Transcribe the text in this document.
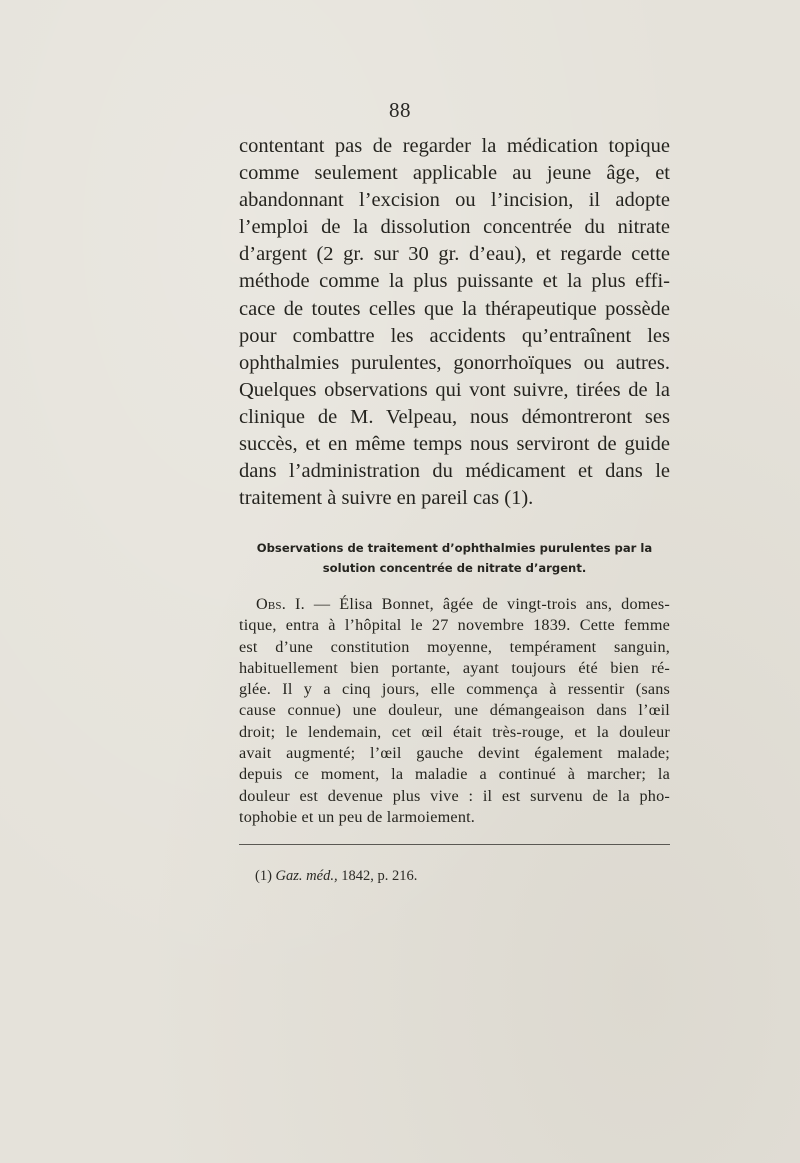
88
contentant pas de regarder la médication topique
comme seulement applicable au jeune âge, et
abandonnant l’excision ou l’incision, il adopte
l’emploi de la dissolution concentrée du nitrate
d’argent (2 gr. sur 30 gr. d’eau), et regarde cette
méthode comme la plus puissante et la plus effi-
cace de toutes celles que la thérapeutique possède
pour combattre les accidents qu’entraînent les
ophthalmies purulentes, gonorrhoïques ou autres.
Quelques observations qui vont suivre, tirées de la
clinique de M. Velpeau, nous démontreront ses
succès, et en même temps nous serviront de guide
dans l’administration du médicament et dans le
traitement à suivre en pareil cas (1).
Observations de traitement d’ophthalmies purulentes par la
solution concentrée de nitrate d’argent.
Obs. I. — Élisa Bonnet, âgée de vingt-trois ans, domes-
tique, entra à l’hôpital le 27 novembre 1839. Cette femme
est d’une constitution moyenne, tempérament sanguin,
habituellement bien portante, ayant toujours été bien ré-
glée. Il y a cinq jours, elle commença à ressentir (sans
cause connue) une douleur, une démangeaison dans l’œil
droit; le lendemain, cet œil était très-rouge, et la douleur
avait augmenté; l’œil gauche devint également malade;
depuis ce moment, la maladie a continué à marcher; la
douleur est devenue plus vive : il est survenu de la pho-
tophobie et un peu de larmoiement.
(1) Gaz. méd., 1842, p. 216.
